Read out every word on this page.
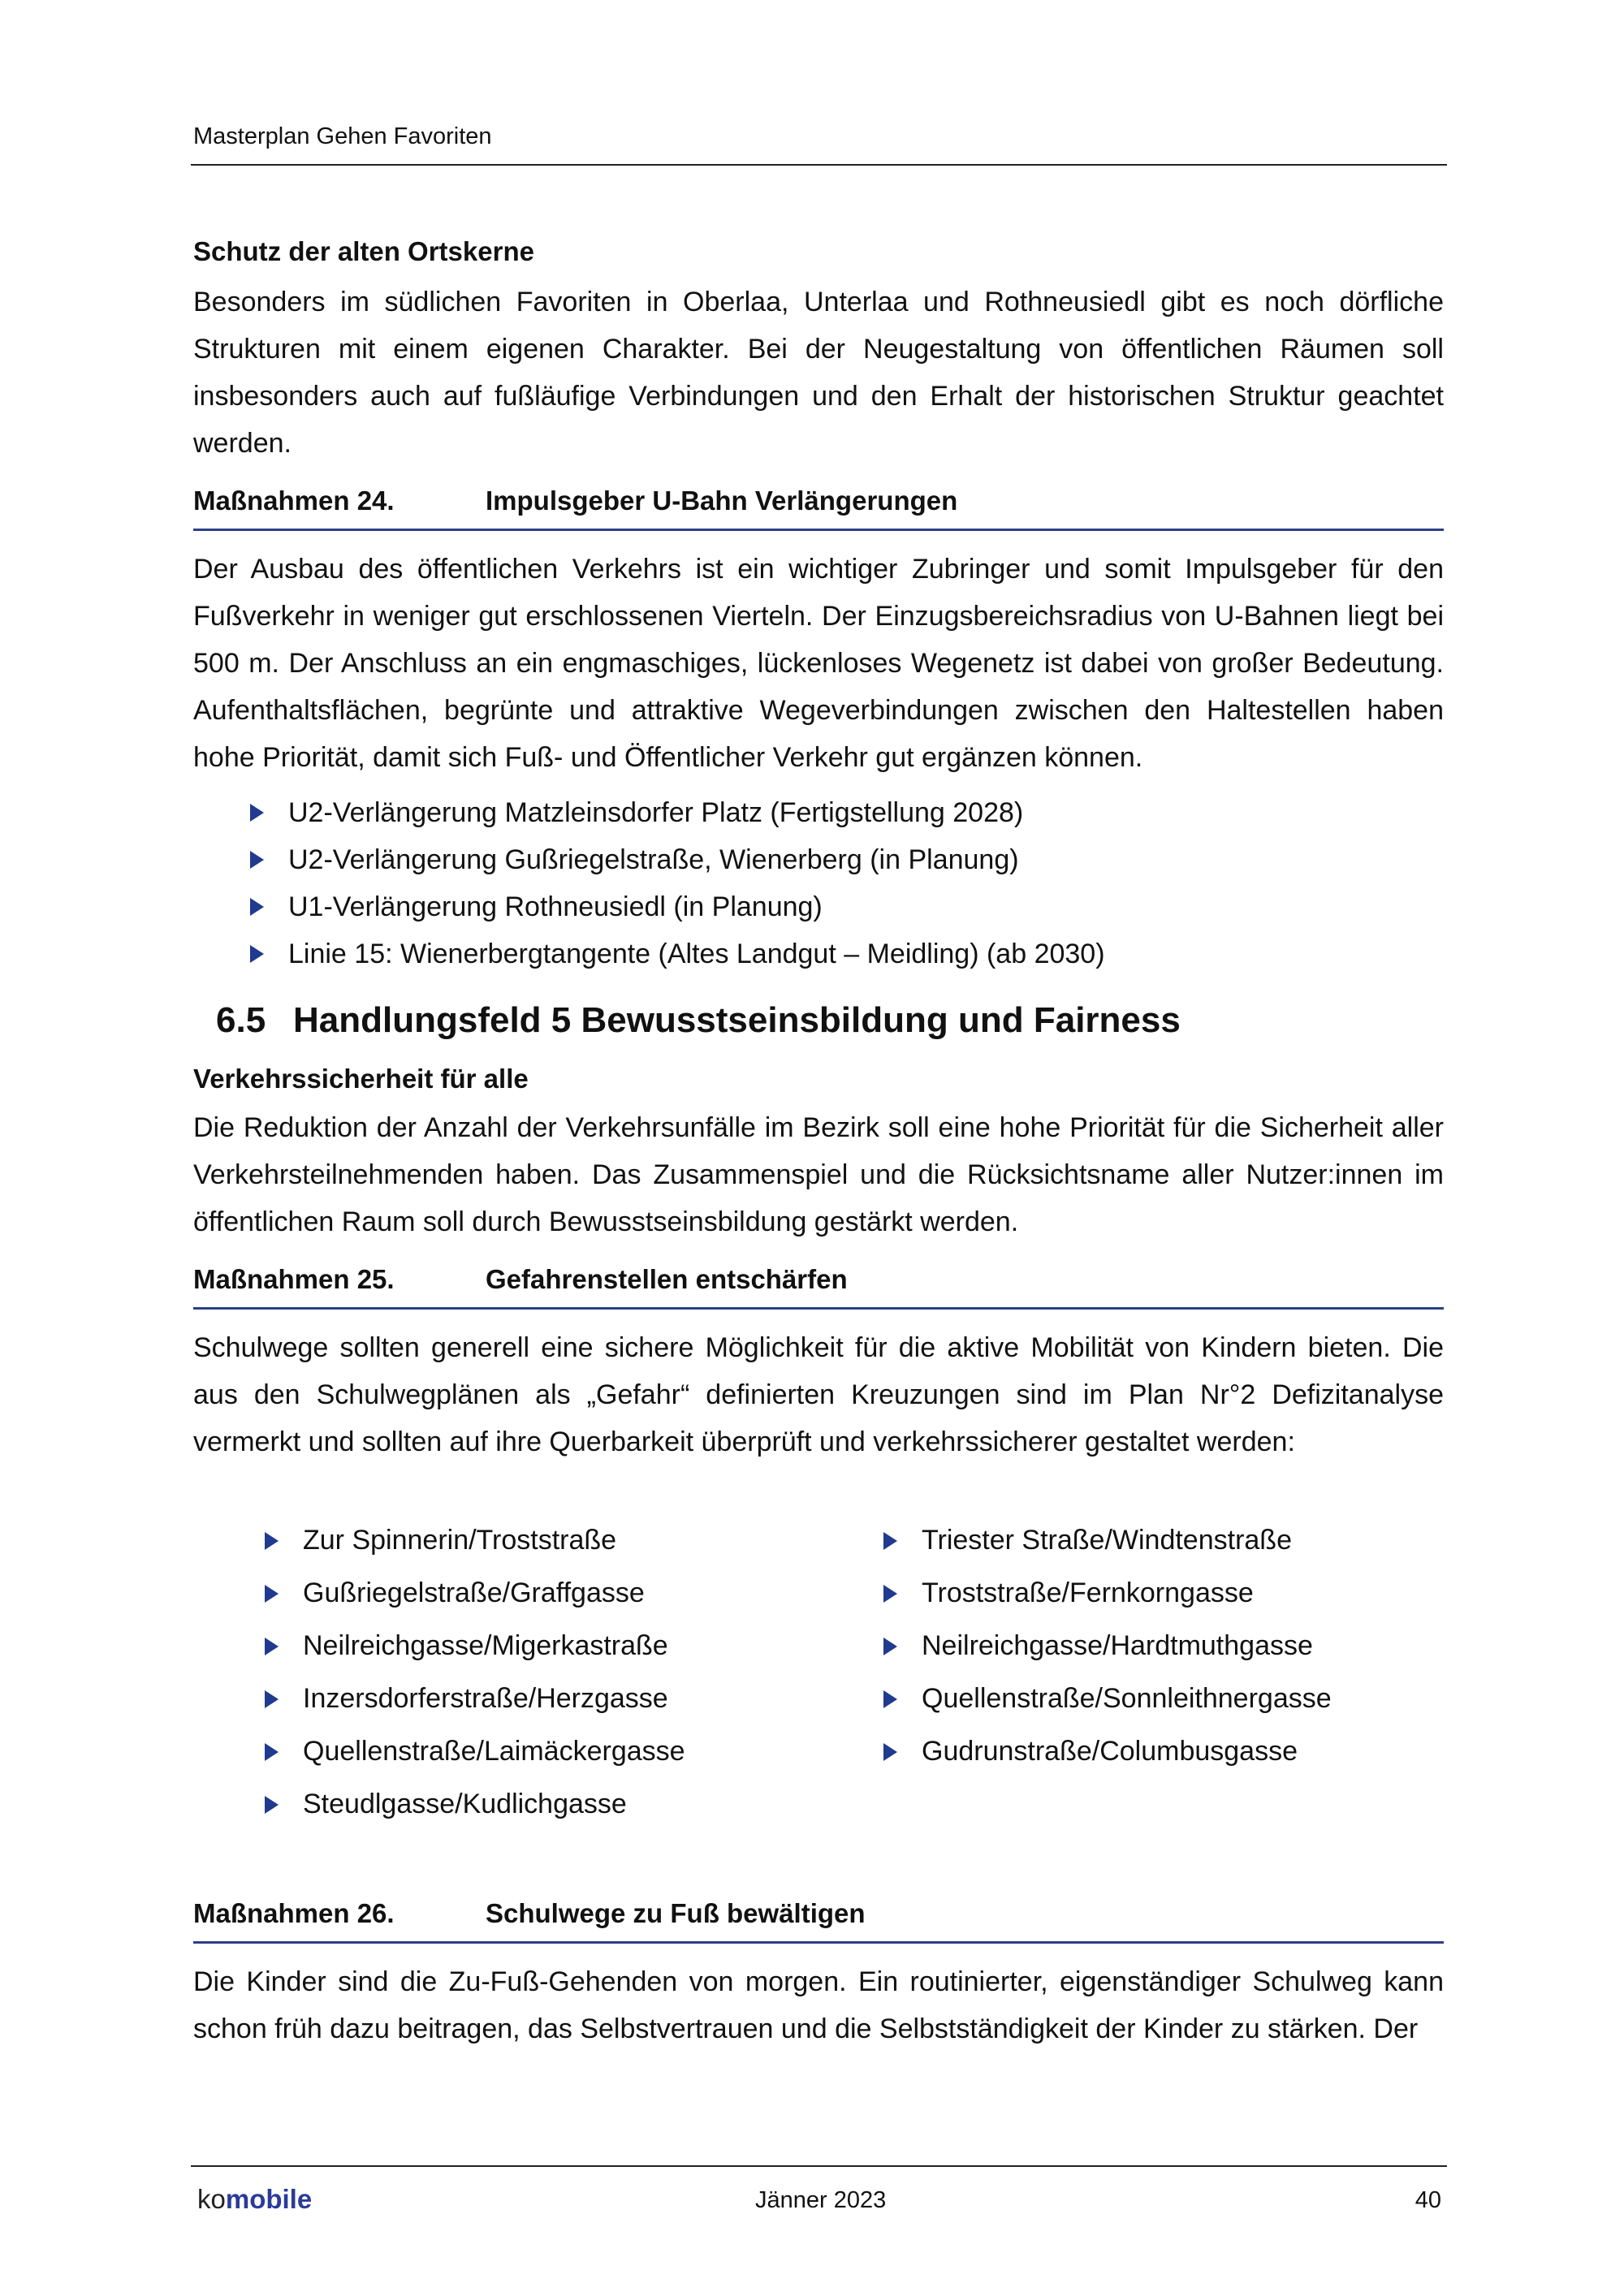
Masterplan Gehen Favoriten

Schutz der alten Ortskerne

Besonders im südlichen Favoriten in Oberlaa, Unterlaa und Rothneusiedl gibt es noch dörfliche Strukturen mit einem eigenen Charakter. Bei der Neugestaltung von öffentlichen Räumen soll insbesonders auch auf fußläufige Verbindungen und den Erhalt der historischen Struktur geachtet werden.

Maßnahmen 24.	Impulsgeber U-Bahn Verlängerungen

Der Ausbau des öffentlichen Verkehrs ist ein wichtiger Zubringer und somit Impulsgeber für den Fußverkehr in weniger gut erschlossenen Vierteln. Der Einzugsbereichsradius von U-Bahnen liegt bei 500 m. Der Anschluss an ein engmaschiges, lückenloses Wegenetz ist dabei von großer Bedeutung. Aufenthaltsflächen, begrünte und attraktive Wegeverbindungen zwischen den Haltestellen haben hohe Priorität, damit sich Fuß- und Öffentlicher Verkehr gut ergänzen können.

U2-Verlängerung Matzleinsdorfer Platz (Fertigstellung 2028)
U2-Verlängerung Gußriegelstraße, Wienerberg (in Planung)
U1-Verlängerung Rothneusiedl (in Planung)
Linie 15: Wienerbergtangente (Altes Landgut – Meidling) (ab 2030)
6.5 Handlungsfeld 5 Bewusstseinsbildung und Fairness

Verkehrssicherheit für alle

Die Reduktion der Anzahl der Verkehrsunfälle im Bezirk soll eine hohe Priorität für die Sicherheit aller Verkehrsteilnehmenden haben. Das Zusammenspiel und die Rücksichtsname aller Nutzer:innen im öffentlichen Raum soll durch Bewusstseinsbildung gestärkt werden.

Maßnahmen 25.	Gefahrenstellen entschärfen

Schulwege sollten generell eine sichere Möglichkeit für die aktive Mobilität von Kindern bieten. Die aus den Schulwegplänen als „Gefahr“ definierten Kreuzungen sind im Plan Nr°2 Defizitanalyse vermerkt und sollten auf ihre Querbarkeit überprüft und verkehrssicherer gestaltet werden:

Zur Spinnerin/Troststraße
Gußriegelstraße/Graffgasse
Neilreichgasse/Migerkastraße
Inzersdorferstraße/Herzgasse
Quellenstraße/Laimäckergasse
Steudlgasse/Kudlichgasse
Triester Straße/Windtenstraße
Troststraße/Fernkorngasse
Neilreichgasse/Hardtmuthgasse
Quellenstraße/Sonnleithnergasse
Gudrunstraße/Columbusgasse
Maßnahmen 26.	Schulwege zu Fuß bewältigen

Die Kinder sind die Zu-Fuß-Gehenden von morgen. Ein routinierter, eigenständiger Schulweg kann schon früh dazu beitragen, das Selbstvertrauen und die Selbstständigkeit der Kinder zu stärken. Der

komobile	Jänner 2023	40
